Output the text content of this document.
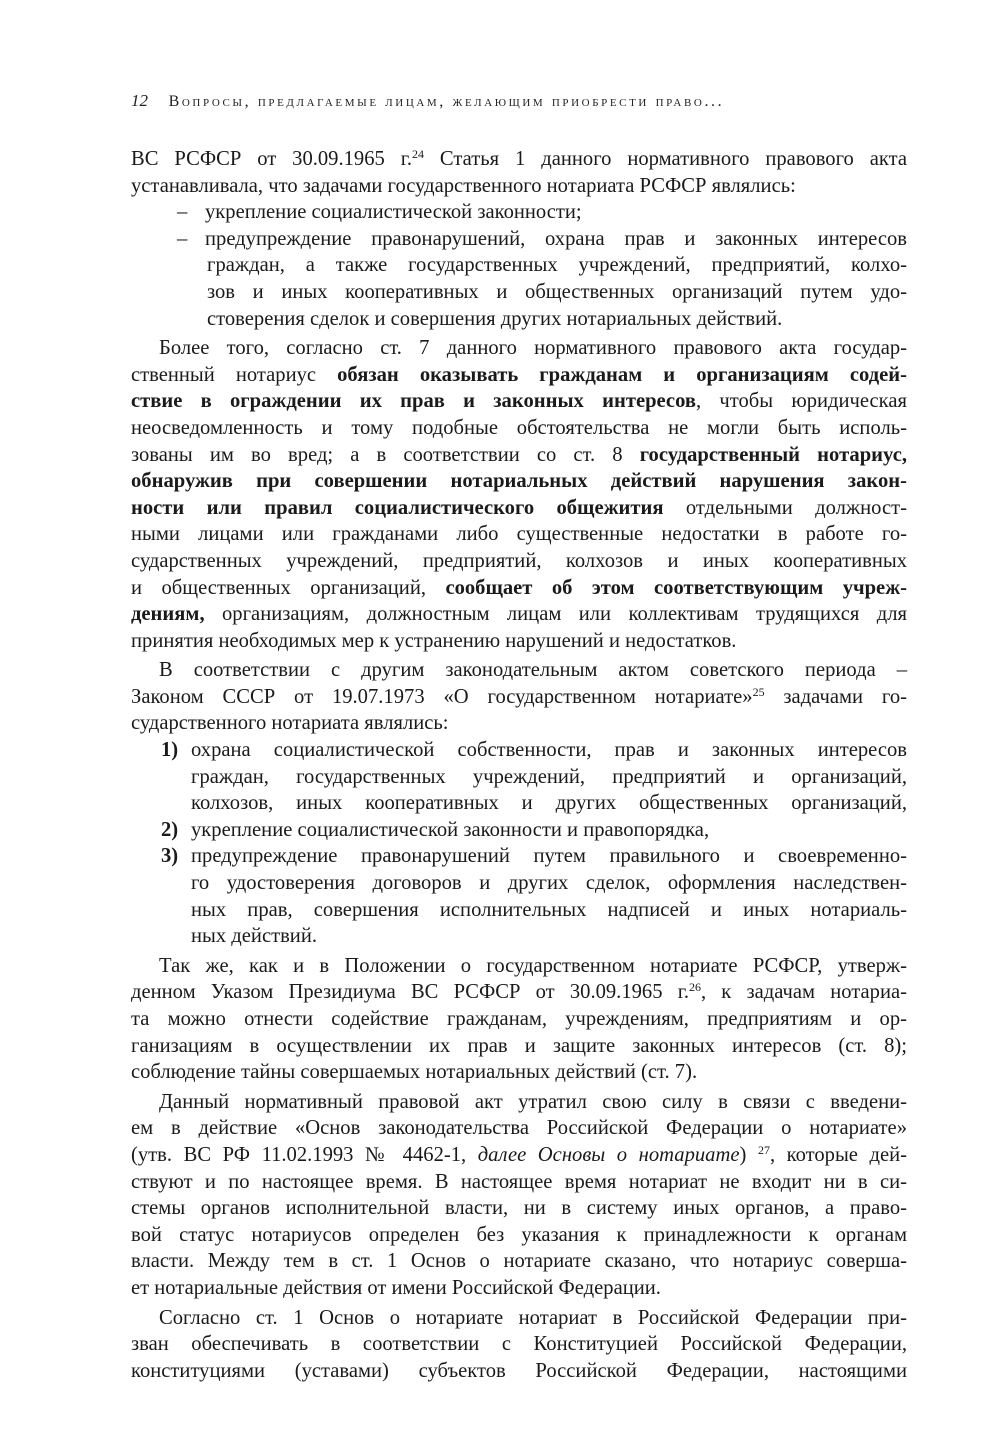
12 Вопросы, предлагаемые лицам, желающим приобрести право...
ВС РСФСР от 30.09.1965 г.$^{24}$ Статья 1 данного нормативного правового акта
устанавливала, что задачами государственного нотариата РСФСР являлись:
– укрепление социалистической законности;
– предупреждение правонарушений, охрана прав и законных интересов
граждан, а также государственных учреждений, предприятий, колхо-
зов и иных кооперативных и общественных организаций путем удо-
стоверения сделок и совершения других нотариальных действий.
Более того, согласно ст. 7 данного нормативного правового акта государ-
ственный нотариус обязан оказывать гражданам и организациям содей-
ствие в ограждении их прав и законных интересов, чтобы юридическая
неосведомленность и тому подобные обстоятельства не могли быть исполь-
зованы им во вред; а в соответствии со ст. 8 государственный нотариус,
обнаружив при совершении нотариальных действий нарушения закон-
ности или правил социалистического общежития отдельными должност-
ными лицами или гражданами либо существенные недостатки в работе го-
сударственных учреждений, предприятий, колхозов и иных кооперативных
и общественных организаций, сообщает об этом соответствующим учреж-
дениям, организациям, должностным лицам или коллективам трудящихся для
принятия необходимых мер к устранению нарушений и недостатков.
В соответствии с другим законодательным актом советского периода –
Законом СССР от 19.07.1973 «О государственном нотариате»$^{25}$ задачами го-
сударственного нотариата являлись:
1) охрана социалистической собственности, прав и законных интересов
граждан, государственных учреждений, предприятий и организаций,
колхозов, иных кооперативных и других общественных организаций,
2) укрепление социалистической законности и правопорядка,
3) предупреждение правонарушений путем правильного и своевременно-
го удостоверения договоров и других сделок, оформления наследствен-
ных прав, совершения исполнительных надписей и иных нотариаль-
ных действий.
Так же, как и в Положении о государственном нотариате РСФСР, утверж-
денном Указом Президиума ВС РСФСР от 30.09.1965 г.$^{26}$, к задачам нотариа-
та можно отнести содействие гражданам, учреждениям, предприятиям и ор-
ганизациям в осуществлении их прав и защите законных интересов (ст. 8);
соблюдение тайны совершаемых нотариальных действий (ст. 7).
Данный нормативный правовой акт утратил свою силу в связи с введени-
ем в действие «Основ законодательства Российской Федерации о нотариате»
(утв. ВС РФ 11.02.1993 № 4462-1, далее Основы о нотариате) $^{27}$, которые дей-
ствуют и по настоящее время. В настоящее время нотариат не входит ни в си-
стемы органов исполнительной власти, ни в систему иных органов, а право-
вой статус нотариусов определен без указания к принадлежности к органам
власти. Между тем в ст. 1 Основ о нотариате сказано, что нотариус соверша-
ет нотариальные действия от имени Российской Федерации.
Согласно ст. 1 Основ о нотариате нотариат в Российской Федерации при-
зван обеспечивать в соответствии с Конституцией Российской Федерации,
конституциями (уставами) субъектов Российской Федерации, настоящими
